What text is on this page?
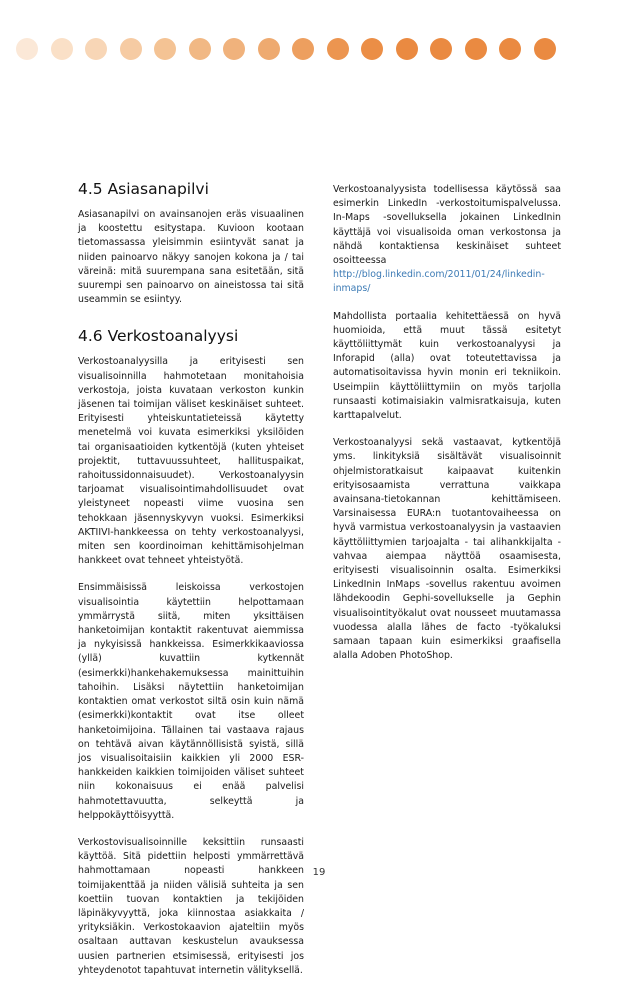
4.5 Asiasanapilvi

Asiasanapilvi on avainsanojen eräs visuaalinen ja koostettu esitystapa. Kuvioon kootaan tietomassassa yleisimmin esiintyvät sanat ja niiden painoarvo näkyy sanojen kokona ja / tai väreinä: mitä suurempana sana esitetään, sitä suurempi sen painoarvo on aineistossa tai sitä useammin se esiintyy.

4.6 Verkostoanalyysi

Verkostoanalyysilla ja erityisesti sen visualisoinnilla hahmotetaan monitahoisia verkostoja, joista kuvataan verkoston kunkin jäsenen tai toimijan väliset keskinäiset suhteet. Erityisesti yhteiskuntatieteissä käytetty menetelmä voi kuvata esimerkiksi yksilöiden tai organisaatioiden kytkentöjä (kuten yhteiset projektit, tuttavuussuhteet, hallituspaikat, rahoitussidonnaisuudet). Verkostoanalyysin tarjoamat visualisointimahdollisuudet ovat yleistyneet nopeasti viime vuosina sen tehokkaan jäsennyskyvyn vuoksi. Esimerkiksi AKTIIVI-hankkeessa on tehty verkostoanalyysi, miten sen koordinoiman kehittämisohjelman hankkeet ovat tehneet yhteistyötä.

Ensimmäisissä leiskoissa verkostojen visualisointia käytettiin helpottamaan ymmärrystä siitä, miten yksittäisen hanketoimijan kontaktit rakentuvat aiemmissa ja nykyisissä hankkeissa. Esimerkkikaaviossa (yllä) kuvattiin kytkennät (esimerkki)hankehakemuksessa mainittuihin tahoihin. Lisäksi näytettiin hanketoimijan kontaktien omat verkostot siltä osin kuin nämä (esimerkki)kontaktit ovat itse olleet hanketoimijoina. Tällainen tai vastaava rajaus on tehtävä aivan käytännöllisistä syistä, sillä jos visualisoitaisiin kaikkien yli 2000 ESR-hankkeiden kaikkien toimijoiden väliset suhteet niin kokonaisuus ei enää palvelisi hahmotettavuutta, selkeyttä ja helppokäyttöisyyttä.

Verkostovisualisoinnille keksittiin runsaasti käyttöä. Sitä pidettiin helposti ymmärrettävä hahmottamaan nopeasti hankkeen toimijakenttää ja niiden välisiä suhteita ja sen koettiin tuovan kontaktien ja tekijöiden läpinäkyvyyttä, joka kiinnostaa asiakkaita / yrityksiäkin. Verkostokaavion ajateltiin myös osaltaan auttavan keskustelun avauksessa uusien partnerien etsimisessä, erityisesti jos yhteydenotot tapahtuvat internetin välityksellä.

Verkostoanalyysista todellisessa käytössä saa esimerkin LinkedIn -verkostoitumispalvelussa. In-Maps -sovelluksella jokainen LinkedInin käyttäjä voi visualisoida oman verkostonsa ja nähdä kontaktiensa keskinäiset suhteet osoitteessa http://blog.linkedin.com/2011/01/24/linkedin-inmaps/

Mahdollista portaalia kehitettäessä on hyvä huomioida, että muut tässä esitetyt käyttöliittymät kuin verkostoanalyysi ja Inforapid (alla) ovat toteutettavissa ja automatisoitavissa hyvin monin eri tekniikoin. Useimpiin käyttöliittymiin on myös tarjolla runsaasti kotimaisiakin valmisratkaisuja, kuten karttapalvelut.

Verkostoanalyysi sekä vastaavat, kytkentöjä yms. linkityksiä sisältävät visualisoinnit ohjelmistoratkaisut kaipaavat kuitenkin erityisosaamista verrattuna vaikkapa avainsana-tietokannan kehittämiseen. Varsinaisessa EURA:n tuotantovaiheessa on hyvä varmistua verkostoanalyysin ja vastaavien käyttöliittymien tarjoajalta - tai alihankkijalta - vahvaa aiempaa näyttöä osaamisesta, erityisesti visualisoinnin osalta. Esimerkiksi LinkedInin InMaps -sovellus rakentuu avoimen lähdekoodin Gephi-sovellukselle ja Gephin visualisointityökalut ovat nousseet muutamassa vuodessa alalla lähes de facto -työkaluksi samaan tapaan kuin esimerkiksi graafisella alalla Adoben PhotoShop.

19
